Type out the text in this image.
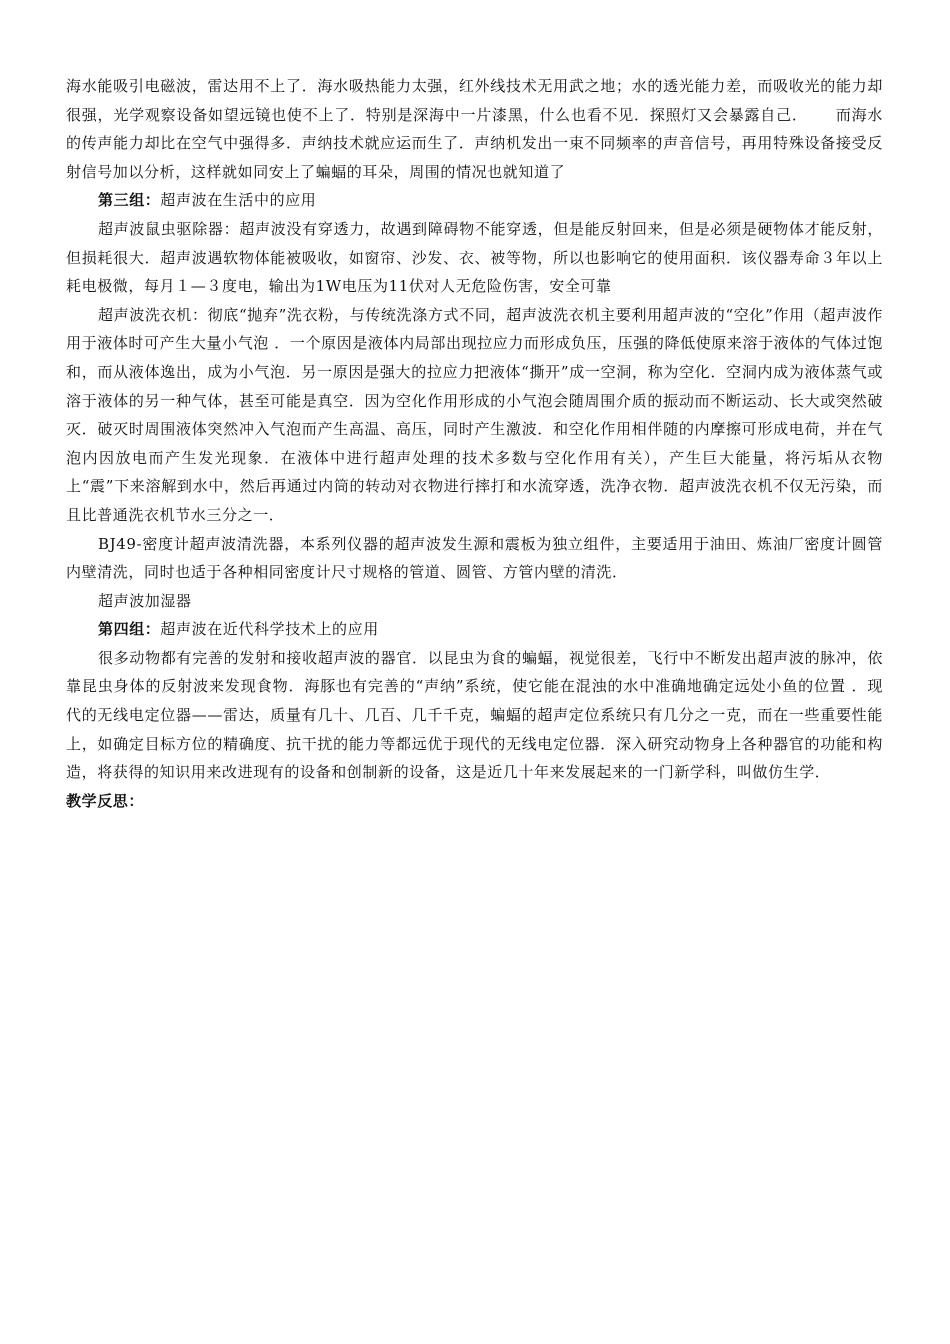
海水能吸引电磁波，雷达用不上了．海水吸热能力太强，红外线技术无用武之地；水的透光能力差，而吸收光的能力却很强，光学观察设备如望远镜也使不上了．特别是深海中一片漆黑，什么也看不见．探照灯又会暴露自己． 而海水的传声能力却比在空气中强得多．声纳技术就应运而生了．声纳机发出一束不同频率的声音信号，再用特殊设备接受反射信号加以分析，这样就如同安上了蝙蝠的耳朵，周围的情况也就知道了

第三组：超声波在生活中的应用

超声波鼠虫驱除器：超声波没有穿透力，故遇到障碍物不能穿透，但是能反射回来，但是必须是硬物体才能反射，但损耗很大．超声波遇软物体能被吸收，如窗帘、沙发、衣、被等物，所以也影响它的使用面积．该仪器寿命３年以上耗电极微，每月１—３度电，输出为1W电压为11伏对人无危险伤害，安全可靠

超声波洗衣机：彻底“抛弃”洗衣粉，与传统洗涤方式不同，超声波洗衣机主要利用超声波的“空化”作用（超声波作用于液体时可产生大量小气泡 ．一个原因是液体内局部出现拉应力而形成负压，压强的降低使原来溶于液体的气体过饱和，而从液体逸出，成为小气泡．另一原因是强大的拉应力把液体“撕开”成一空洞，称为空化．空洞内成为液体蒸气或溶于液体的另一种气体，甚至可能是真空．因为空化作用形成的小气泡会随周围介质的振动而不断运动、长大或突然破灭．破灭时周围液体突然冲入气泡而产生高温、高压，同时产生激波．和空化作用相伴随的内摩擦可形成电荷，并在气泡内因放电而产生发光现象．在液体中进行超声处理的技术多数与空化作用有关），产生巨大能量，将污垢从衣物上“震”下来溶解到水中，然后再通过内筒的转动对衣物进行摔打和水流穿透，洗净衣物．超声波洗衣机不仅无污染，而且比普通洗衣机节水三分之一．

BJ49-密度计超声波清洗器，本系列仪器的超声波发生源和震板为独立组件，主要适用于油田、炼油厂密度计圆管内壁清洗，同时也适于各种相同密度计尺寸规格的管道、圆管、方管内壁的清洗．

超声波加湿器

第四组：超声波在近代科学技术上的应用

很多动物都有完善的发射和接收超声波的器官．以昆虫为食的蝙蝠，视觉很差，飞行中不断发出超声波的脉冲，依靠昆虫身体的反射波来发现食物．海豚也有完善的“声纳”系统，使它能在混浊的水中准确地确定远处小鱼的位置 ．现代的无线电定位器——雷达，质量有几十、几百、几千千克，蝙蝠的超声定位系统只有几分之一克，而在一些重要性能上，如确定目标方位的精确度、抗干扰的能力等都远优于现代的无线电定位器．深入研究动物身上各种器官的功能和构造，将获得的知识用来改进现有的设备和创制新的设备，这是近几十年来发展起来的一门新学科，叫做仿生学．

教学反思：
